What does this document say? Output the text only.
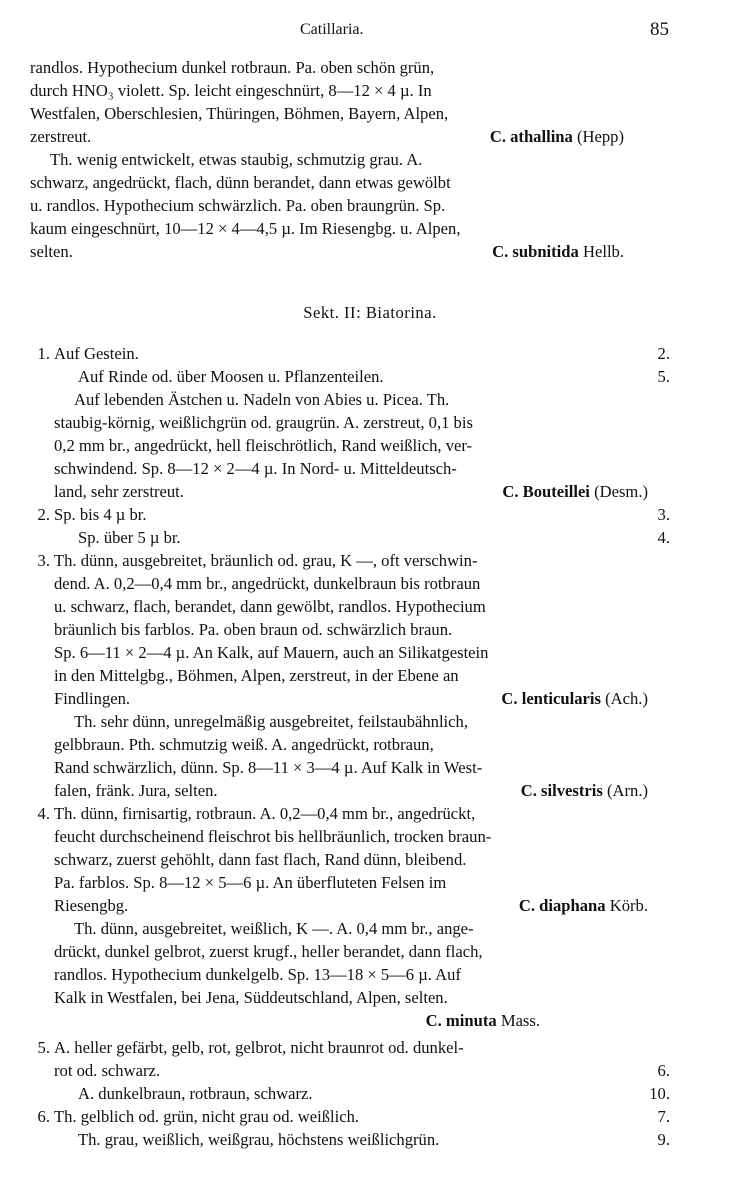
Catillaria.	85
randlos. Hypothecium dunkel rotbraun. Pa. oben schön grün,
durch HNO₃ violett. Sp. leicht eingeschnürt, 8—12 × 4 µ. In
Westfalen, Oberschlesien, Thüringen, Böhmen, Bayern, Alpen,
zerstreut.	C. athallina (Hepp)
Th. wenig entwickelt, etwas staubig, schmutzig grau. A.
schwarz, angedrückt, flach, dünn berandet, dann etwas gewölbt
u. randlos. Hypothecium schwärzlich. Pa. oben braungrün. Sp.
kaum eingeschnürt, 10—12 × 4—4,5 µ. Im Riesengbg. u. Alpen,
selten.	C. subnitida Hellb.
Sekt. II: Biatorina.
1. Auf Gestein.	2.
Auf Rinde od. über Moosen u. Pflanzenteilen.	5.
Auf lebenden Ästchen u. Nadeln von Abies u. Picea. Th.
staubig-körnig, weißlichgrün od. graugrün. A. zerstreut, 0,1 bis
0,2 mm br., angedrückt, hell fleischrötlich, Rand weißlich, ver-
schwindend. Sp. 8—12 × 2—4 µ. In Nord- u. Mitteldeutsch-
land, sehr zerstreut.	C. Bouteillei (Desm.)
2. Sp. bis 4 µ br.	3.
Sp. über 5 µ br.	4.
3. Th. dünn, ausgebreitet, bräunlich od. grau, K —, oft verschwin-
dend. A. 0,2—0,4 mm br., angedrückt, dunkelbraun bis rotbraun
u. schwarz, flach, berandet, dann gewölbt, randlos. Hypothecium
bräunlich bis farblos. Pa. oben braun od. schwärzlich braun.
Sp. 6—11 × 2—4 µ. An Kalk, auf Mauern, auch an Silikatgestein
in den Mittelgbg., Böhmen, Alpen, zerstreut, in der Ebene an
Findlingen.	C. lenticularis (Ach.)
Th. sehr dünn, unregelmäßig ausgebreitet, feilstaubähnlich,
gelbbraun. Pth. schmutzig weiß. A. angedrückt, rotbraun,
Rand schwärzlich, dünn. Sp. 8—11 × 3—4 µ. Auf Kalk in West-
falen, fränk. Jura, selten.	C. silvestris (Arn.)
4. Th. dünn, firnisartig, rotbraun. A. 0,2—0,4 mm br., angedrückt,
feucht durchscheinend fleischrot bis hellbräunlich, trocken braun-
schwarz, zuerst gehöhlt, dann fast flach, Rand dünn, bleibend.
Pa. farblos. Sp. 8—12 × 5—6 µ. An überfluteten Felsen im
Riesengbg.	C. diaphana Körb.
Th. dünn, ausgebreitet, weißlich, K —. A. 0,4 mm br., ange-
drückt, dunkel gelbrot, zuerst krugf., heller berandet, dann flach,
randlos. Hypothecium dunkelgelb. Sp. 13—18 × 5—6 µ. Auf
Kalk in Westfalen, bei Jena, Süddeutschland, Alpen, selten.
C. minuta Mass.
5. A. heller gefärbt, gelb, rot, gelbrot, nicht braunrot od. dunkel-
rot od. schwarz.	6.
A. dunkelbraun, rotbraun, schwarz.	10.
6. Th. gelblich od. grün, nicht grau od. weißlich.	7.
Th. grau, weißlich, weißgrau, höchstens weißlichgrün.	9.
